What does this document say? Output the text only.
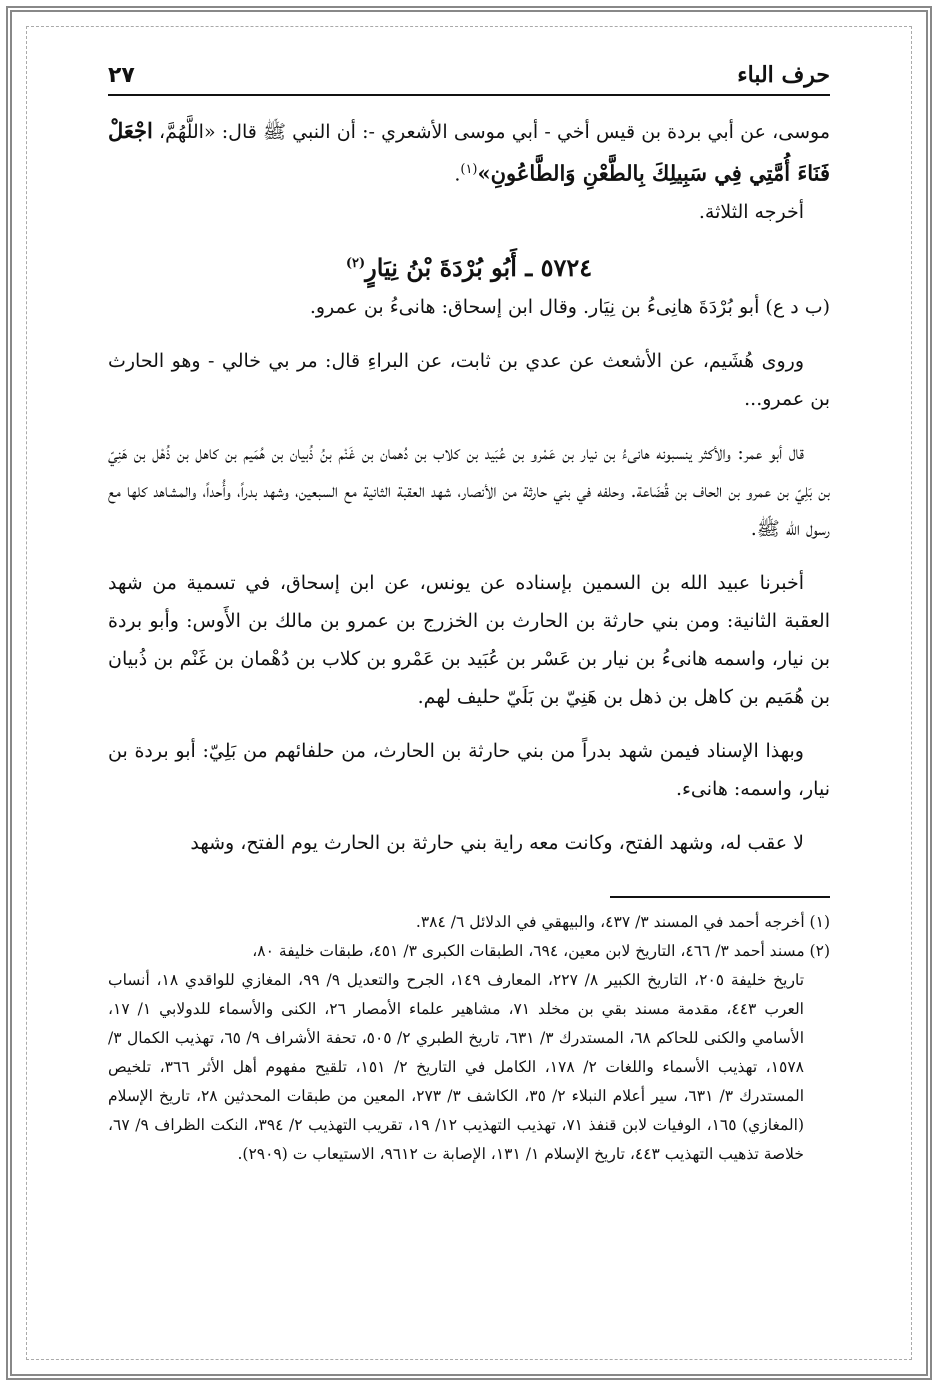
حرف الباء
٢٧

موسى، عن أبي بردة بن قيس أخي - أبي موسى الأشعري -: أن النبي ﷺ قال: «اللَّهُمَّ، اجْعَلْ فَنَاءَ أُمَّتِي فِي سَبِيلِكَ بِالطَّعْنِ وَالطَّاعُونِ»$^{(١)}$.

أخرجه الثلاثة.

٥٧٢٤ ـ أَبُو بُرْدَةَ بْنُ نِيَارٍ$^{(٢)}$

(ب د ع) أبو بُرْدَةَ هانِىءُ بن نِيَار. وقال ابن إسحاق: هانىءُ بن عمرو.

وروى هُشَيم، عن الأشعث عن عدي بن ثابت، عن البراءِ قال: مر بي خالي - وهو الحارث بن عمرو...

قال أبو عمر: والأكثر ينسبونه هانىءُ بن نيار بن عَمْرو بن عُبَيد بن كلاب بن دُهمان بن غَنْم بنُ ذُبيان بن هُمَيم بن كاهل بن ذُهْل بن هَنِيّ بن بَلِيّ بن عمرو بن الحاف بن قُضَاعة. وحلفه في بني حارثة من الأنصار، شهد العقبة الثانية مع السبعين، وشهد بدراً، وأُحداً، والمشاهد كلها مع رسول الله ﷺ.

أخبرنا عبيد الله بن السمين بإسناده عن يونس، عن ابن إسحاق، في تسمية من شهد العقبة الثانية: ومن بني حارثة بن الحارث بن الخزرج بن عمرو بن مالك بن الأَوس: وأبو بردة بن نيار، واسمه هانىءُ بن نيار بن عَسْر بن عُبَيد بن عَمْرو بن كلاب بن دُهْمان بن غَنْم بن ذُبيان بن هُمَيم بن كاهل بن ذهل بن هَنِيّ بن بَلَيّ حليف لهم.

وبهذا الإسناد فيمن شهد بدراً من بني حارثة بن الحارث، من حلفائهم من بَلِيّ: أبو بردة بن نيار، واسمه: هانىء.

لا عقب له، وشهد الفتح، وكانت معه راية بني حارثة بن الحارث يوم الفتح، وشهد

(١) أخرجه أحمد في المسند ٣/ ٤٣٧، والبيهقي في الدلائل ٦/ ٣٨٤.

(٢) مسند أحمد ٣/ ٤٦٦، التاريخ لابن معين، ٦٩٤، الطبقات الكبرى ٣/ ٤٥١، طبقات خليفة ٨٠،

تاريخ خليفة ٢٠٥، التاريخ الكبير ٨/ ٢٢٧، المعارف ١٤٩، الجرح والتعديل ٩/ ٩٩، المغازي للواقدي ١٨، أنساب العرب ٤٤٣، مقدمة مسند بقي بن مخلد ٧١، مشاهير علماء الأمصار ٢٦، الكنى والأسماء للدولابي ١/ ١٧، الأسامي والكنى للحاكم ٦٨، المستدرك ٣/ ٦٣١، تاريخ الطبري ٢/ ٥٠٥، تحفة الأشراف ٩/ ٦٥، تهذيب الكمال ٣/ ١٥٧٨، تهذيب الأسماء واللغات ٢/ ١٧٨، الكامل في التاريخ ٢/ ١٥١، تلقيح مفهوم أهل الأثر ٣٦٦، تلخيص المستدرك ٣/ ٦٣١، سير أعلام النبلاء ٢/ ٣٥، الكاشف ٣/ ٢٧٣، المعين من طبقات المحدثين ٢٨، تاريخ الإسلام (المغازي) ١٦٥، الوفيات لابن قنفذ ٧١، تهذيب التهذيب ١٢/ ١٩، تقريب التهذيب ٢/ ٣٩٤، النكت الظراف ٩/ ٦٧، خلاصة تذهيب التهذيب ٤٤٣، تاريخ الإسلام ١/ ١٣١، الإصابة ت ٩٦١٢، الاستيعاب ت (٢٩٠٩).
